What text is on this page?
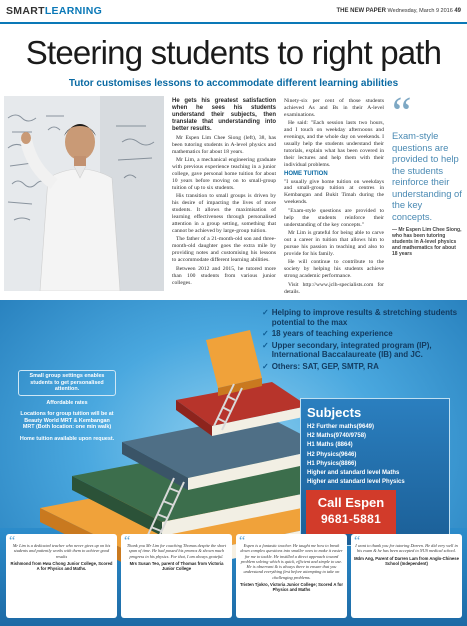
SMARTLEARNING	THE NEW PAPER Wednesday, March 9 2016 49
Steering students to right path
Tutor customises lessons to accommodate different learning abilities

He gets his greatest satisfaction when he sees his students understand their subjects, then translate that understanding into better results.

Mr Espen Lim Chee Siong (left), 38, has been tutoring students in A-level physics and mathematics for about 18 years.

Mr Lim, a mechanical engineering graduate with previous experience teaching in a junior college, gave personal home tuition for about 10 years before moving on to small-group tuition of up to six students.

His transition to small groups is driven by his desire of impacting the lives of more students. It allows the maximisation of learning effectiveness through personalised attention in a group setting, something that cannot be achieved by large-group tuition.

The father of a 21-month-old son and three-month-old daughter goes the extra mile by providing notes and customising his lessons to accommodate different learning abilities.

Between 2012 and 2015, he tutored more than 100 students from various junior colleges.

Ninety-six per cent of those students achieved As and Bs in their A-level examinations.

He said: "Each session lasts two hours, and I touch on weekday afternoons and evenings, and the whole day on weekends. I usually help the students understand their tutorials, explain what has been covered in their lectures and help them with their individual problems.

HOME TUITION

"I usually give home tuition on weekdays and small-group tuition at centres in Kembangan and Bukit Timah during the weekends.

"Exam-style questions are provided to help the students reinforce their understanding of the key concepts."

Mr Lim is grateful for being able to carve out a career in tuition that allows him to pursue his passion in teaching and also to provide for his family.

He will continue to contribute to the society by helping his students achieve strong academic performance.

Visit http://www.jclh-specialists.com for details.

“
Exam-style questions are provided to help the students reinforce their understanding of the key concepts.
— Mr Espen Lim Chee Siong, who has been tutoring students in A-level physics and mathematics for about 18 years
✓ Helping to improve results & stretching students potential to the max
✓ 18 years of teaching experience
✓ Upper secondary, integrated program (IP), International Baccalaureate (IB) and JC.
✓ Others: SAT, GEP, SMTP, RA
Small group settings enables students to get personalised attention.

Affordable rates

Locations for group tuition will be at Beauty World MRT & Kembangan MRT (Both location: one min walk)

Home tuition available upon request.

Subjects
H2 Further maths(9649)
H2 Maths(9740/9758)
H1 Maths (8864)
H2 Physics(9646)
H1 Physics(8866)
Higher and standard level Maths
Higher and standard level Physics
Call Espen
9681-5881
“
Mr Lim is a dedicated teacher who never gives up on his students and patiently works with them to achieve good results
Rishmond from Hwa Chong Junior College, Scored A for Physics and Maths.
“
Thank you Mr Lim for coaching Thomas despite the short span of time. He had passed his promos & shown much progress in his physics. For that, I am always grateful.
Mrs Susan Teo, parent of Thomas from Victoria Junior College
“
Espen is a fantastic teacher. He taught me how to break down complex questions into smaller ones to make it easier for me to tackle. He instilled a direct approach toward problem solving which is quick, efficient and simple to use. He is observant & is always there to ensure that you understand everything first before attempting to take on challenging problems.
Tristen Tjokro, Victoria Junior College; Scored A for Physics and Maths
“
I want to thank you for tutoring Darren. He did very well in his exam & he has been accepted to NUS medical school.
Mdm Ang, Parent of Darren Lam from Anglo-Chinese School (Independent)
